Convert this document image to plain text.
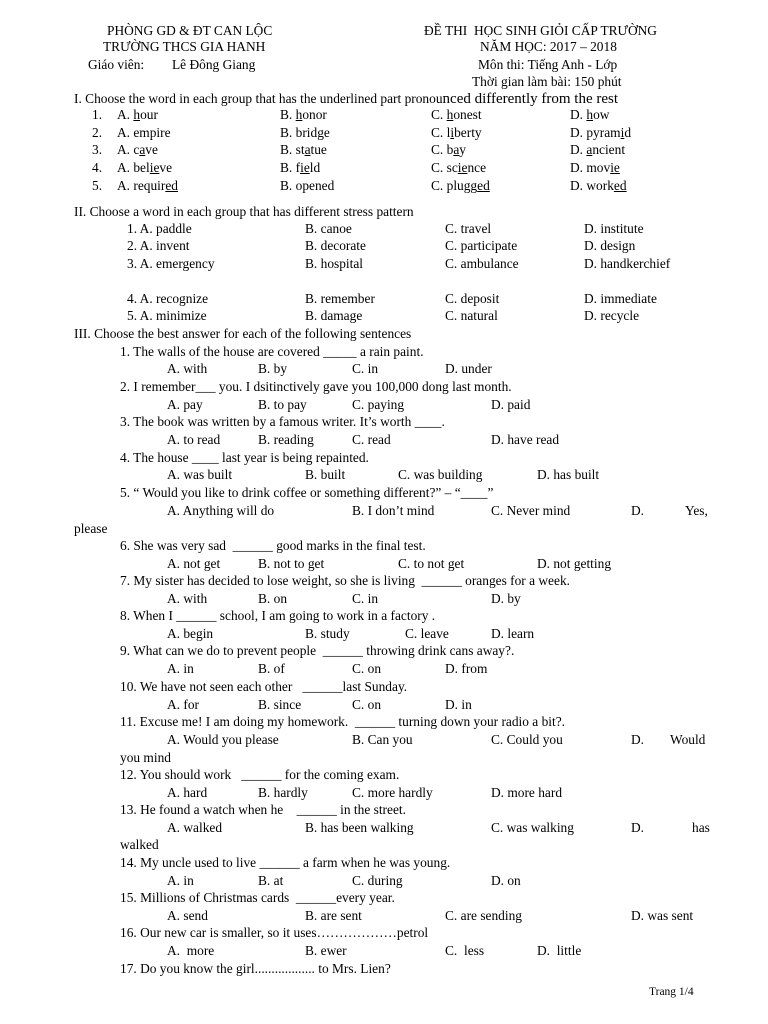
PHÒNG GD & ĐT CAN LỘC
TRƯỜNG THCS GIA HANH
Giáo viên: Lê Đông Giang
ĐỀ THI  HỌC SINH GIỎI CẤP TRƯỜNG
NĂM HỌC: 2017 – 2018
Môn thi: Tiếng Anh - Lớp
Thời gian làm bài: 150 phút
I. Choose the word in each group that has the underlined part pronounced differently from the rest
1. A. hour	B. honor	C. honest	D. how
2. A. empire	B. bridge	C. liberty	D. pyramid
3. A. cave	B. statue	C. bay	D. ancient
4. A. believe	B. field	C. science	D. movie
5. A. required	B. opened	C. plugged	D. worked
II. Choose a word in each group that has different stress pattern
1. A. paddle	B. canoe	C. travel	D. institute
2. A. invent	B. decorate	C. participate	D. design
3. A. emergency	B. hospital	C. ambulance	D. handkerchief
4. A. recognize	B. remember	C. deposit	D. immediate
5. A. minimize	B. damage	C. natural	D. recycle
III. Choose the best answer for each of the following sentences
1. The walls of the house are covered _____ a rain paint.
A. with	B. by	C. in	D. under
2. I remember___ you. I dsitinctively gave you 100,000 dong last month.
A. pay	B. to pay	C. paying	D. paid
3. The book was written by a famous writer. It’s worth ____.
A. to read	B. reading	C. read	D. have read
4. The house ____ last year is being repainted.
A. was built	B. built	C. was building	D. has built
5. “ Would you like to drink coffee or something different?” – “____”
A. Anything will do	B. I don’t mind	C. Never mind	D.	Yes,
please
6. She was very sad  ______ good marks in the final test.
A. not get	B. not to get	C. to not get	D. not getting
7. My sister has decided to lose weight, so she is living  ______ oranges for a week.
A. with	B. on	C. in	D. by
8. When I ______ school, I am going to work in a factory .
A. begin	B. study	C. leave	D. learn
9. What can we do to prevent people  ______ throwing drink cans away?.
A. in	B. of	C. on	D. from
10. We have not seen each other   ______last Sunday.
A. for	B. since	C. on	D. in
11. Excuse me! I am doing my homework.  ______ turning down your radio a bit?.
A. Would you please	B. Can you	C. Could you	D. Would
you mind
12. You should work   ______ for the coming exam.
A. hard	B. hardly	C. more hardly	D. more hard
13. He found a watch when he    ______ in the street.
A. walked	B. has been walking	C. was walking	D.	has
walked
14. My uncle used to live ______ a farm when he was young.
A. in	B. at	C. during	D. on
15. Millions of Christmas cards  ______every year.
A. send	B. are sent	C. are sending	D. was sent
16. Our new car is smaller, so it uses………………petrol
A.  more	B. ewer	C.  less	D.  little
17. Do you know the girl.................. to Mrs. Lien?
Trang 1/4
